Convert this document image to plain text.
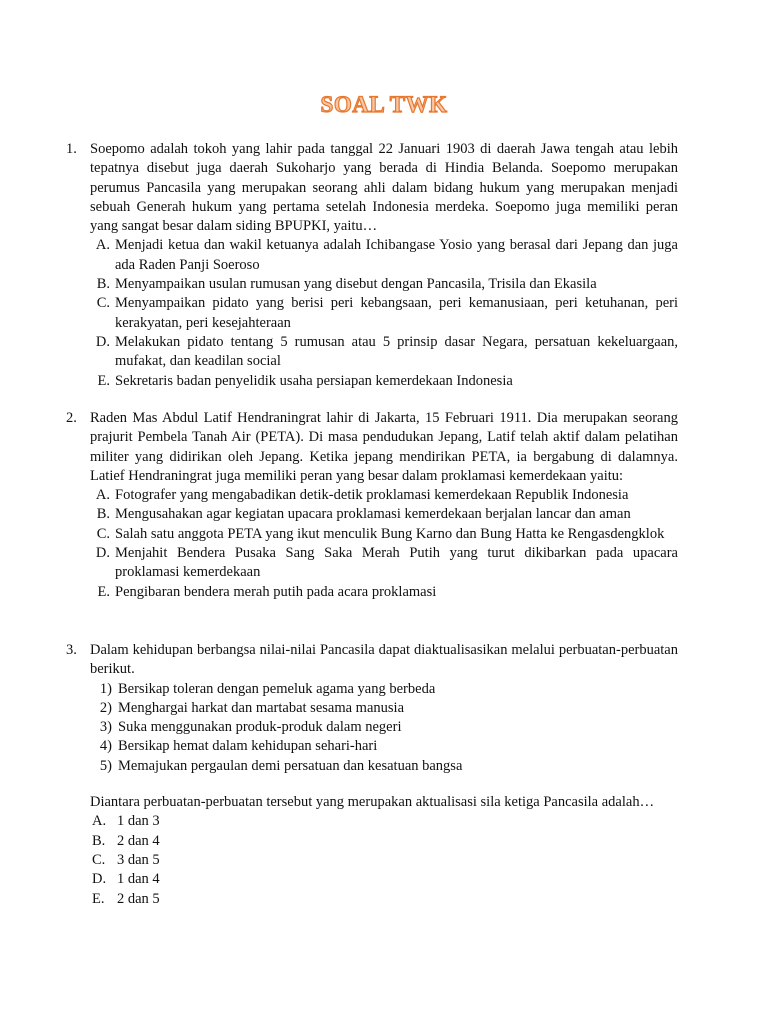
SOAL TWK
1. Soepomo adalah tokoh yang lahir pada tanggal 22 Januari 1903 di daerah Jawa tengah atau lebih tepatnya disebut juga daerah Sukoharjo yang berada di Hindia Belanda. Soepomo merupakan perumus Pancasila yang merupakan seorang ahli dalam bidang hukum yang merupakan menjadi sebuah Generah hukum yang pertama setelah Indonesia merdeka. Soepomo juga memiliki peran yang sangat besar dalam siding BPUPKI, yaitu…
A. Menjadi ketua dan wakil ketuanya adalah Ichibangase Yosio yang berasal dari Jepang dan juga ada Raden Panji Soeroso
B. Menyampaikan usulan rumusan yang disebut dengan Pancasila, Trisila dan Ekasila
C. Menyampaikan pidato yang berisi peri kebangsaan, peri kemanusiaan, peri ketuhanan, peri kerakyatan, peri kesejahteraan
D. Melakukan pidato tentang 5 rumusan atau 5 prinsip dasar Negara, persatuan kekeluargaan, mufakat, dan keadilan social
E. Sekretaris badan penyelidik usaha persiapan kemerdekaan Indonesia
2. Raden Mas Abdul Latif Hendraningrat lahir di Jakarta, 15 Februari 1911. Dia merupakan seorang prajurit Pembela Tanah Air (PETA). Di masa pendudukan Jepang, Latif telah aktif dalam pelatihan militer yang didirikan oleh Jepang. Ketika jepang mendirikan PETA, ia bergabung di dalamnya. Latief Hendraningrat juga memiliki peran yang besar dalam proklamasi kemerdekaan yaitu:
A. Fotografer yang mengabadikan detik-detik proklamasi kemerdekaan Republik Indonesia
B. Mengusahakan agar kegiatan upacara proklamasi kemerdekaan berjalan lancar dan aman
C. Salah satu anggota PETA yang ikut menculik Bung Karno dan Bung Hatta ke Rengasdengklok
D. Menjahit Bendera Pusaka Sang Saka Merah Putih yang turut dikibarkan pada upacara proklamasi kemerdekaan
E. Pengibaran bendera merah putih pada acara proklamasi
3. Dalam kehidupan berbangsa nilai-nilai Pancasila dapat diaktualisasikan melalui perbuatan-perbuatan berikut.
1) Bersikap toleran dengan pemeluk agama yang berbeda
2) Menghargai harkat dan martabat sesama manusia
3) Suka menggunakan produk-produk dalam negeri
4) Bersikap hemat dalam kehidupan sehari-hari
5) Memajukan pergaulan demi persatuan dan kesatuan bangsa
Diantara perbuatan-perbuatan tersebut yang merupakan aktualisasi sila ketiga Pancasila adalah…
A. 1 dan 3
B. 2 dan 4
C. 3 dan 5
D. 1 dan 4
E. 2 dan 5
